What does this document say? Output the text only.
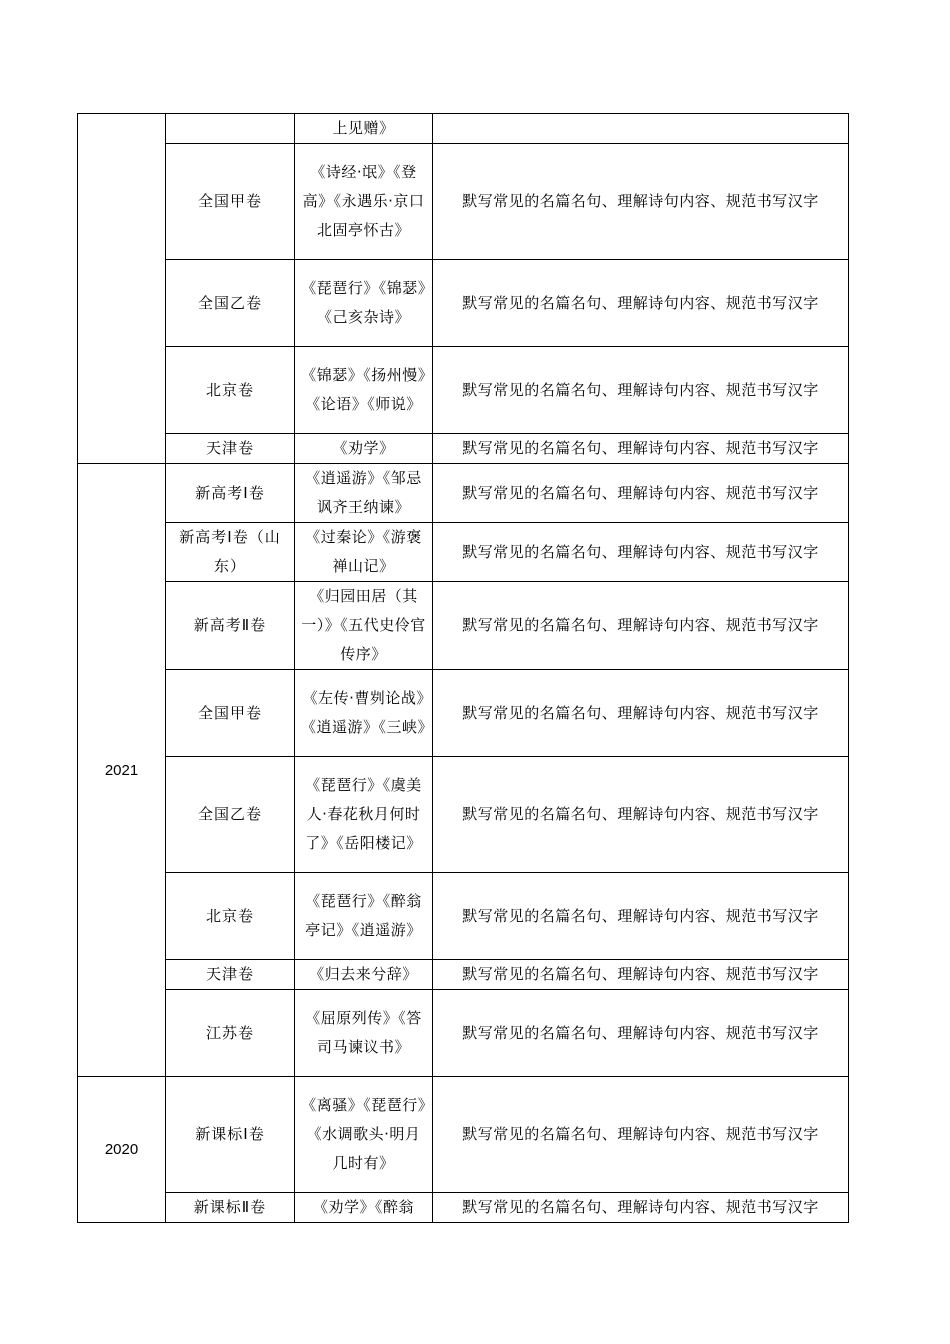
		上见赠》	
	全国甲卷	《诗经·氓》《登高》《永遇乐·京口北固亭怀古》	默写常见的名篇名句、理解诗句内容、规范书写汉字
	全国乙卷	《琵琶行》《锦瑟》《己亥杂诗》	默写常见的名篇名句、理解诗句内容、规范书写汉字
	北京卷	《锦瑟》《扬州慢》《论语》《师说》	默写常见的名篇名句、理解诗句内容、规范书写汉字
	天津卷	《劝学》	默写常见的名篇名句、理解诗句内容、规范书写汉字
2021	新高考Ⅰ卷	《逍遥游》《邹忌讽齐王纳谏》	默写常见的名篇名句、理解诗句内容、规范书写汉字
	新高考Ⅰ卷（山东）	《过秦论》《游褒禅山记》	默写常见的名篇名句、理解诗句内容、规范书写汉字
	新高考Ⅱ卷	《归园田居（其一）》《五代史伶官传序》	默写常见的名篇名句、理解诗句内容、规范书写汉字
	全国甲卷	《左传·曹刿论战》《逍遥游》《三峡》	默写常见的名篇名句、理解诗句内容、规范书写汉字
	全国乙卷	《琵琶行》《虞美人·春花秋月何时了》《岳阳楼记》	默写常见的名篇名句、理解诗句内容、规范书写汉字
	北京卷	《琵琶行》《醉翁亭记》《逍遥游》	默写常见的名篇名句、理解诗句内容、规范书写汉字
	天津卷	《归去来兮辞》	默写常见的名篇名句、理解诗句内容、规范书写汉字
	江苏卷	《屈原列传》《答司马谏议书》	默写常见的名篇名句、理解诗句内容、规范书写汉字
2020	新课标Ⅰ卷	《离骚》《琵琶行》《水调歌头·明月几时有》	默写常见的名篇名句、理解诗句内容、规范书写汉字
	新课标Ⅱ卷	《劝学》《醉翁	默写常见的名篇名句、理解诗句内容、规范书写汉字
